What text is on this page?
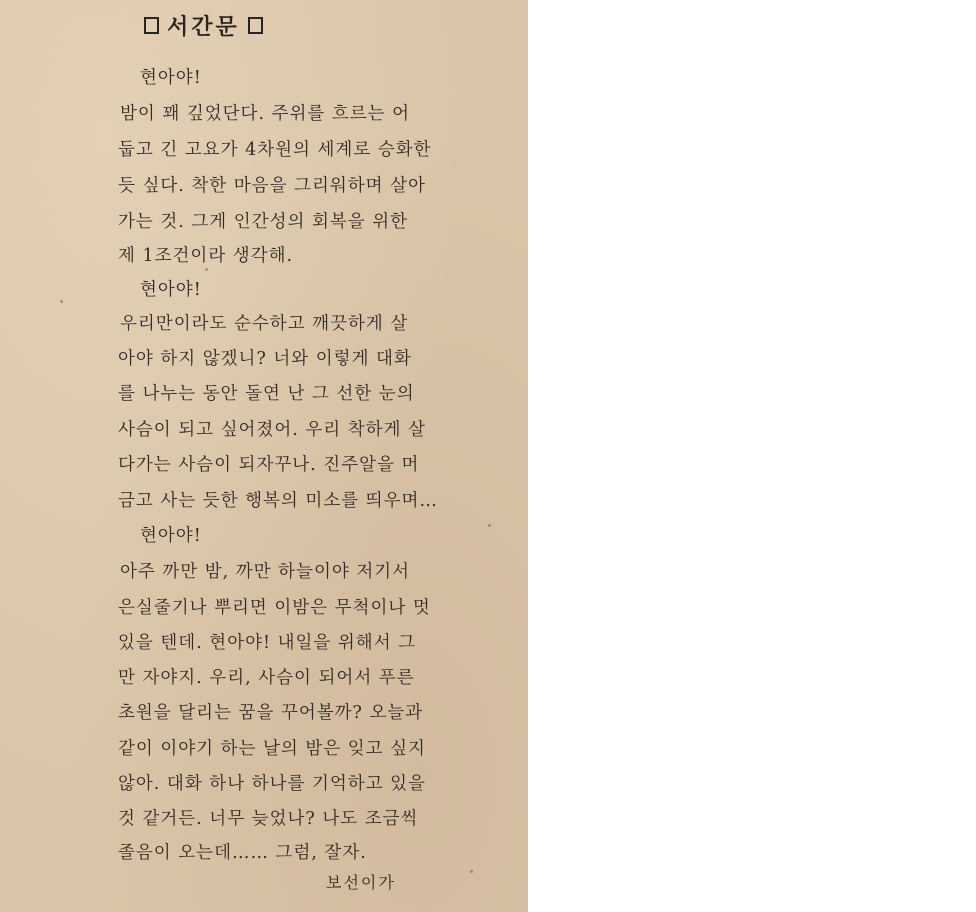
서간문
현아야!
밤이 꽤 깊었단다. 주위를 흐르는 어
둡고 긴 고요가 4차원의 세계로 승화한
듯 싶다. 착한 마음을 그리워하며 살아
가는 것. 그게 인간성의 회복을 위한
제 1조건이라 생각해.
현아야!
우리만이라도 순수하고 깨끗하게 살
아야 하지 않겠니? 너와 이렇게 대화
를 나누는 동안 돌연 난 그 선한 눈의
사슴이 되고 싶어졌어. 우리 착하게 살
다가는 사슴이 되자꾸나. 진주알을 머
금고 사는 듯한 행복의 미소를 띄우며…
현아야!
아주 까만 밤, 까만 하늘이야 저기서
은실줄기나 뿌리면 이밤은 무척이나 멋
있을 텐데. 현아야! 내일을 위해서 그
만 자야지. 우리, 사슴이 되어서 푸른
초원을 달리는 꿈을 꾸어볼까? 오늘과
같이 이야기 하는 날의 밤은 잊고 싶지
않아. 대화 하나 하나를 기억하고 있을
것 같거든. 너무 늦었나? 나도 조금씩
졸음이 오는데…… 그럼, 잘자.
보선이가
